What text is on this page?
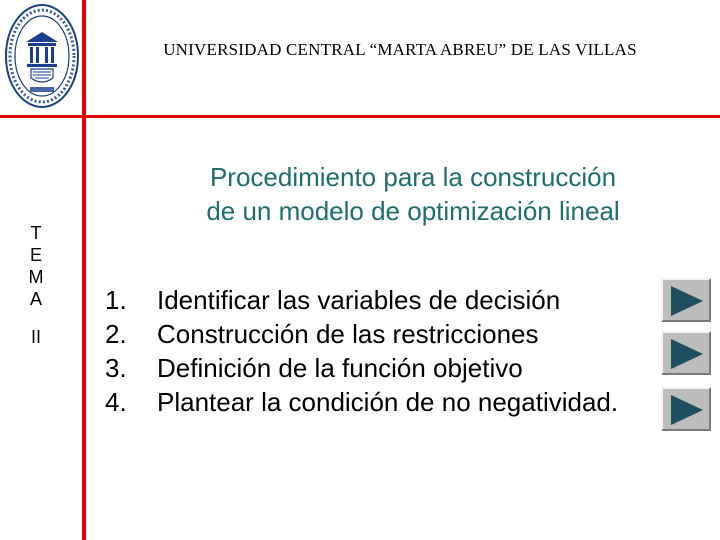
UNIVERSIDAD CENTRAL “MARTA ABREU” DE LAS VILLAS
T
E
M
A
II
Procedimiento para la construcción
de un modelo de optimización lineal
1.	Identificar las variables de decisión
2.	Construcción de las restricciones
3.	Definición de la función objetivo
4.	Plantear la condición de no negatividad.
